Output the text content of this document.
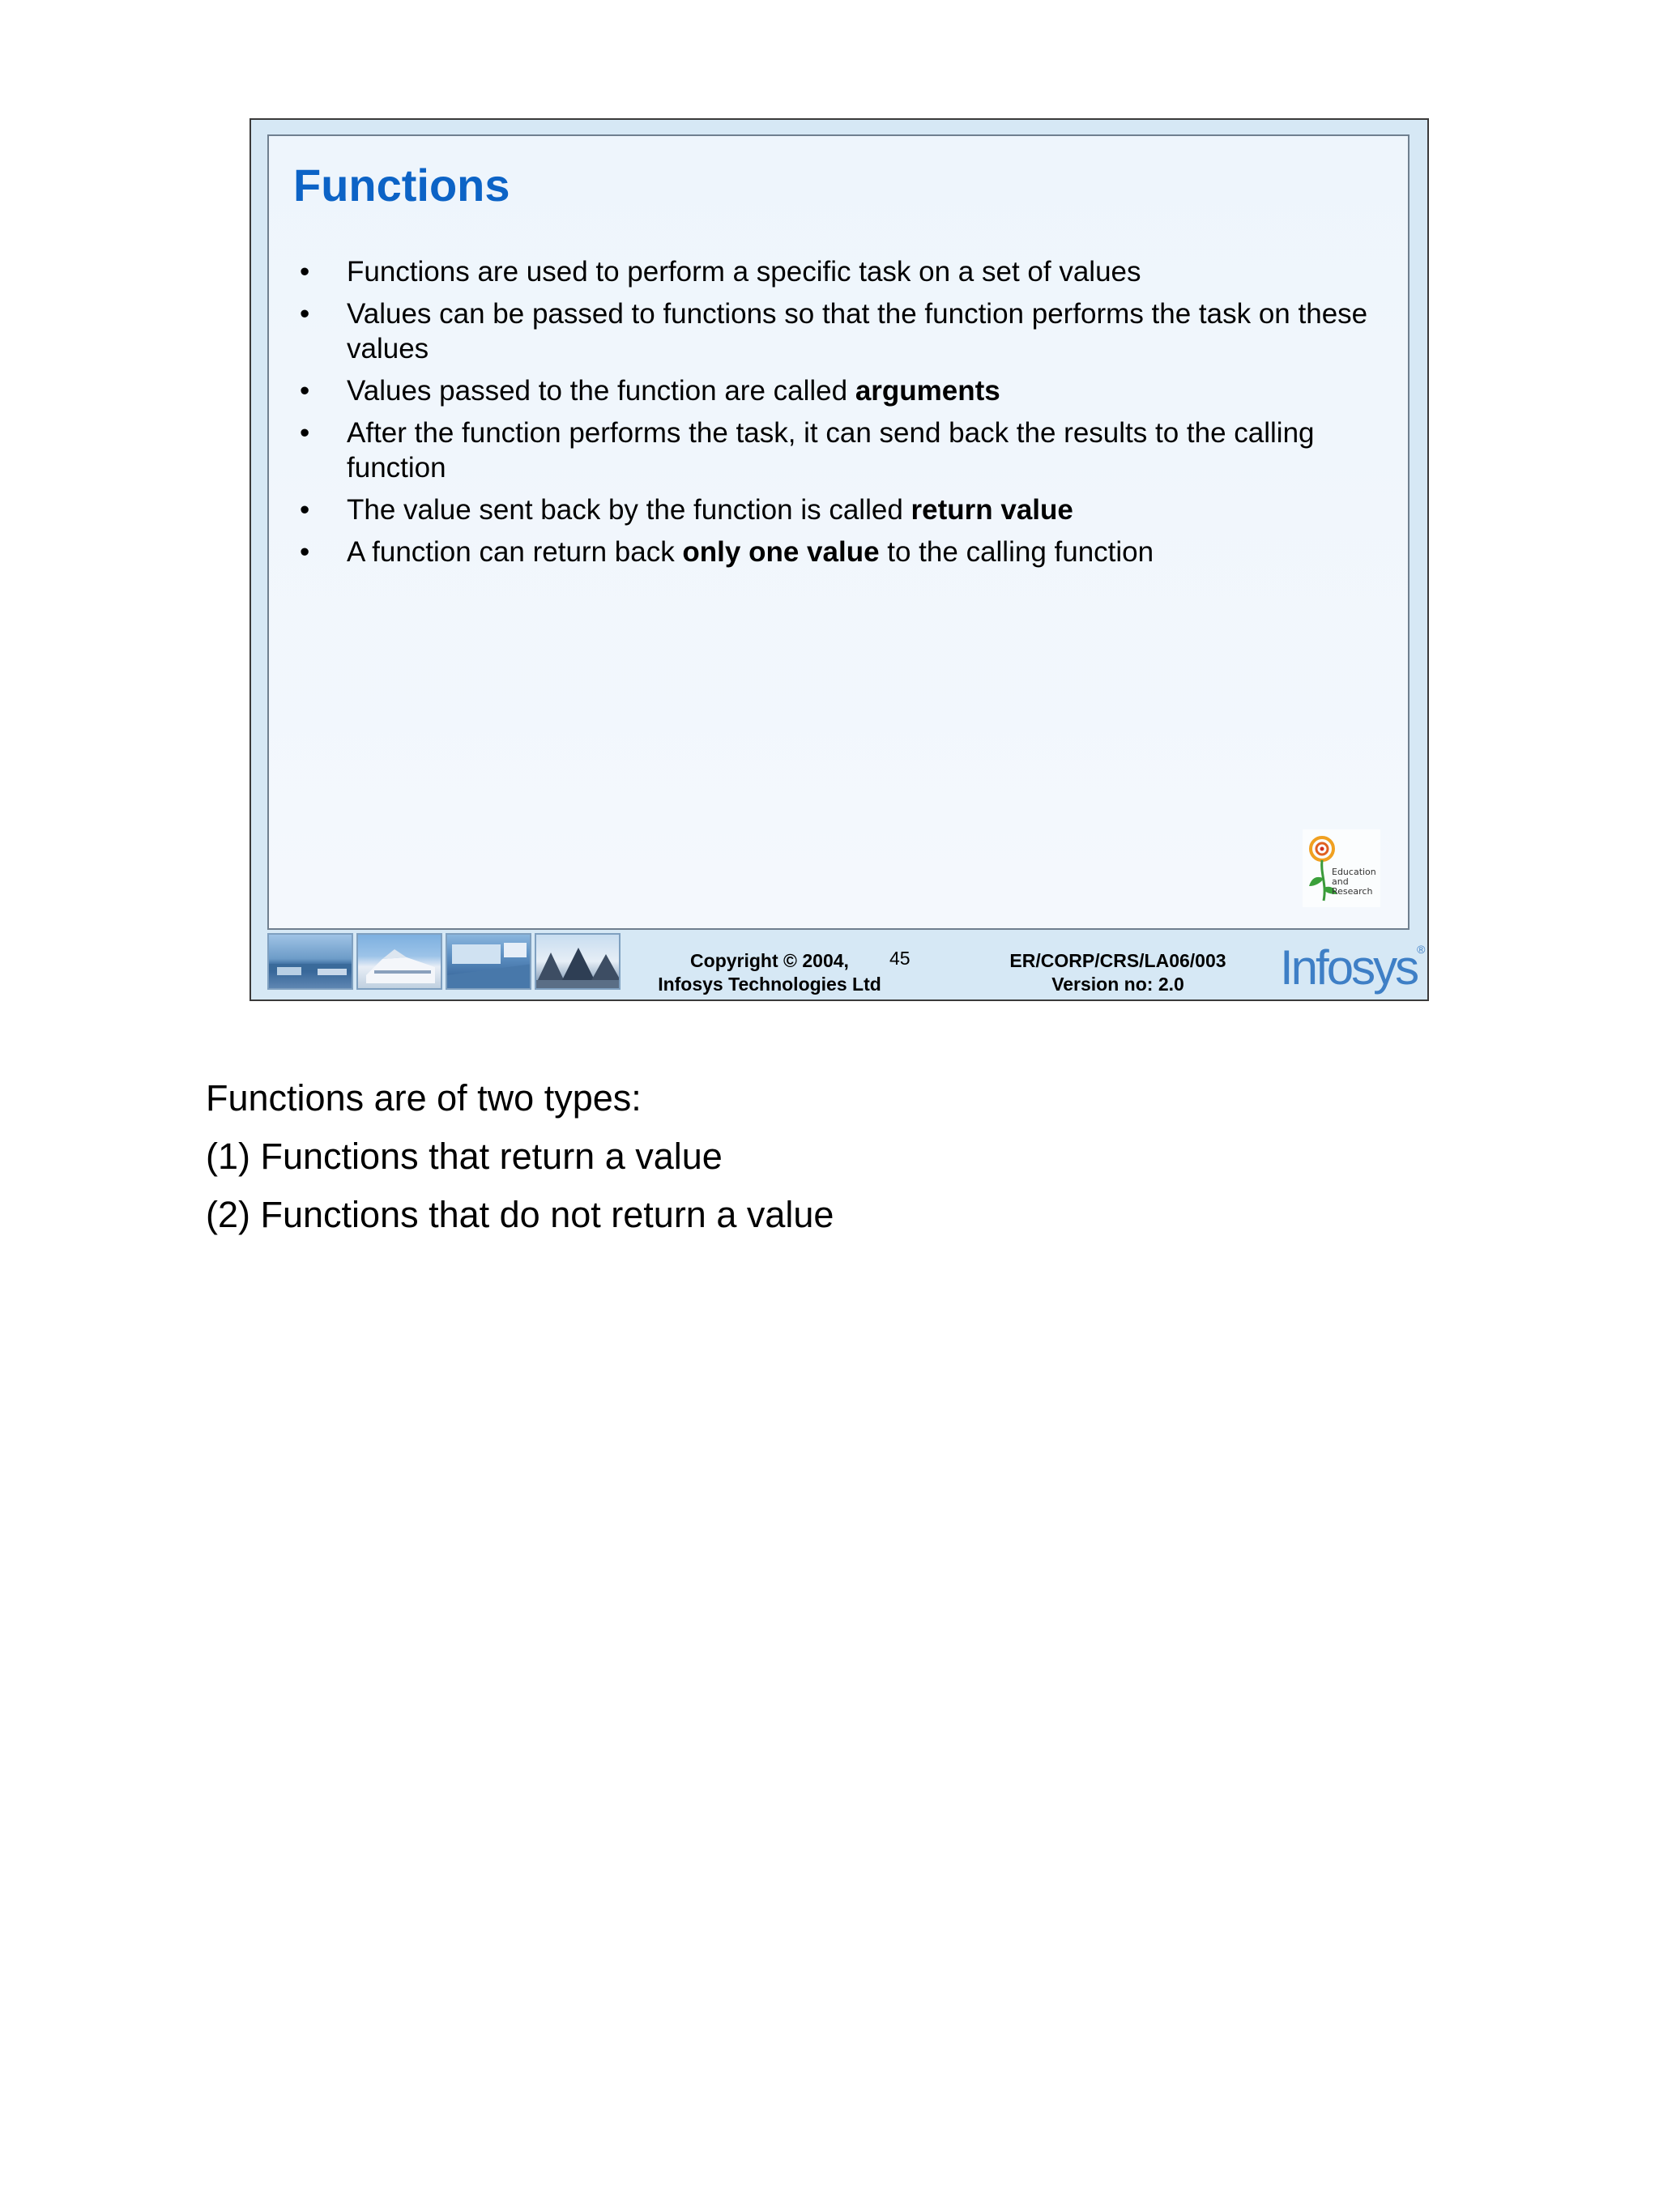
Functions
• Functions are used to perform a specific task on a set of values
• Values can be passed to functions so that the function performs the task on these values
• Values passed to the function are called arguments
• After the function performs the task, it can send back the results to the calling function
• The value sent back by the function is called return value
• A function can return back only one value to the calling function
Education
and
Research
Copyright © 2004,
Infosys Technologies Ltd
45	ER/CORP/CRS/LA06/003
Version no: 2.0	Infosys®
Functions are of two types:
(1) Functions that return a value
(2) Functions that do not return a value
